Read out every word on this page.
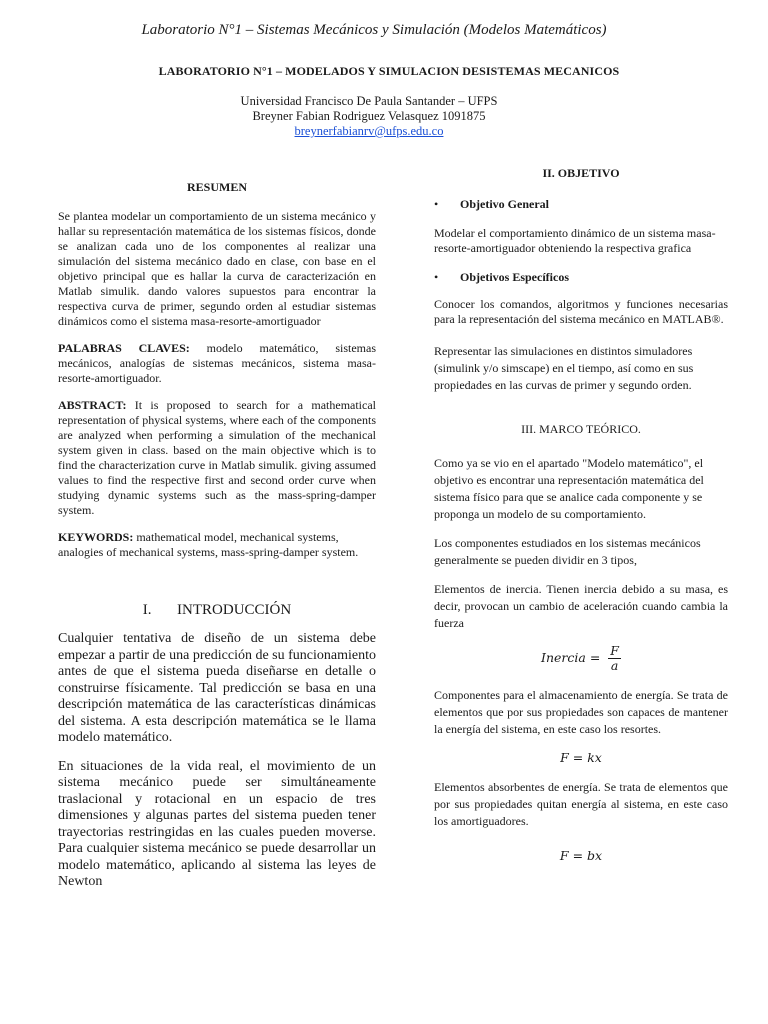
Laboratorio N°1 – Sistemas Mecánicos y Simulación (Modelos Matemáticos)
LABORATORIO N°1 – MODELADOS Y SIMULACION DESISTEMAS MECANICOS
Universidad Francisco De Paula Santander – UFPS
Breyner Fabian Rodriguez Velasquez 1091875
breynerfabianrv@ufps.edu.co
RESUMEN

Se plantea modelar un comportamiento de un sistema mecánico y hallar su representación matemática de los sistemas físicos, donde se analizan cada uno de los componentes al realizar una simulación del sistema mecánico dado en clase, con base en el objetivo principal que es hallar la curva de caracterización en Matlab simulik. dando valores supuestos para encontrar la respectiva curva de primer, segundo orden al estudiar sistemas dinámicos como el sistema masa-resorte-amortiguador

PALABRAS CLAVES: modelo matemático, sistemas mecánicos, analogías de sistemas mecánicos, sistema masa-resorte-amortiguador.

ABSTRACT: It is proposed to search for a mathematical representation of physical systems, where each of the components are analyzed when performing a simulation of the mechanical system given in class. based on the main objective which is to find the characterization curve in Matlab simulik. giving assumed values to find the respective first and second order curve when studying dynamic systems such as the mass-spring-damper system.

KEYWORDS: mathematical model, mechanical systems, analogies of mechanical systems, mass-spring-damper system.

I. INTRODUCCIÓN

Cualquier tentativa de diseño de un sistema debe empezar a partir de una predicción de su funcionamiento antes de que el sistema pueda diseñarse en detalle o construirse físicamente. Tal predicción se basa en una descripción matemática de las características dinámicas del sistema. A esta descripción matemática se le llama modelo matemático.

En situaciones de la vida real, el movimiento de un sistema mecánico puede ser simultáneamente traslacional y rotacional en un espacio de tres dimensiones y algunas partes del sistema pueden tener trayectorias restringidas en las cuales pueden moverse. Para cualquier sistema mecánico se puede desarrollar un modelo matemático, aplicando al sistema las leyes de Newton

II. OBJETIVO
•	Objetivo General

Modelar el comportamiento dinámico de un sistema masa-resorte-amortiguador obteniendo la respectiva grafica

•	Objetivos Específicos

Conocer los comandos, algoritmos y funciones necesarias para la representación del sistema mecánico en MATLAB®.

Representar las simulaciones en distintos simuladores (simulink y/o simscape) en el tiempo, así como en sus propiedades en las curvas de primer y segundo orden.

III. MARCO TEÓRICO.

Como ya se vio en el apartado "Modelo matemático", el objetivo es encontrar una representación matemática del sistema físico para que se analice cada componente y se proponga un modelo de su comportamiento.

Los componentes estudiados en los sistemas mecánicos generalmente se pueden dividir en 3 tipos,

Elementos de inercia. Tienen inercia debido a su masa, es decir, provocan un cambio de aceleración cuando cambia la fuerza

Inercia = $\frac{F}{a}$

Componentes para el almacenamiento de energía. Se trata de elementos que por sus propiedades son capaces de mantener la energía del sistema, en este caso los resortes.

F = kx

Elementos absorbentes de energía. Se trata de elementos que por sus propiedades quitan energía al sistema, en este caso los amortiguadores.

F = bx
